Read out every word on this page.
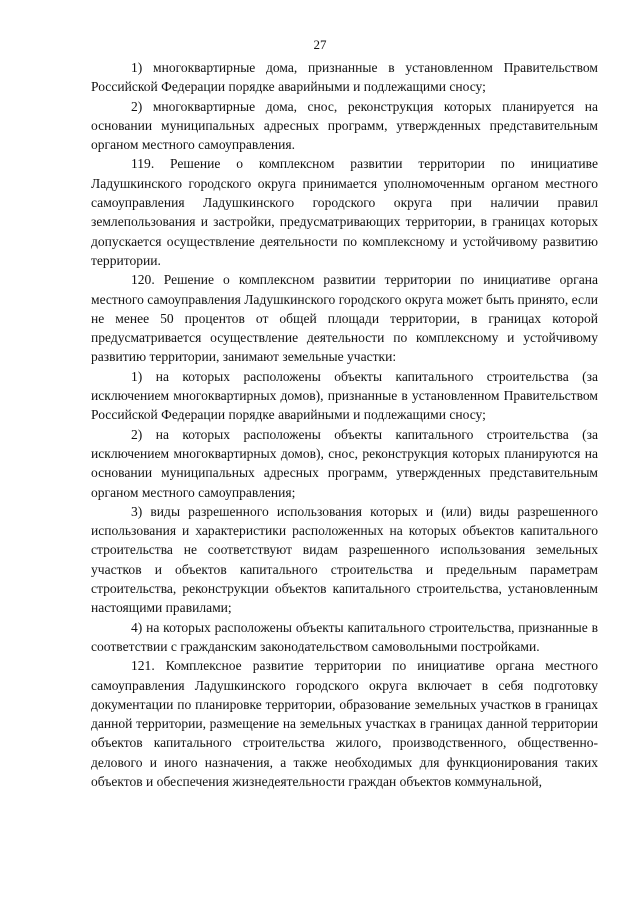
27

1) многоквартирные дома, признанные в установленном Правительством Российской Федерации порядке аварийными и подлежащими сносу;

2) многоквартирные дома, снос, реконструкция которых планируется на основании муниципальных адресных программ, утвержденных представительным органом местного самоуправления.

119. Решение о комплексном развитии территории по инициативе Ладушкинского городского округа принимается уполномоченным органом местного самоуправления Ладушкинского городского округа при наличии правил землепользования и застройки, предусматривающих территории, в границах которых допускается осуществление деятельности по комплексному и устойчивому развитию территории.

120. Решение о комплексном развитии территории по инициативе органа местного самоуправления Ладушкинского городского округа может быть принято, если не менее 50 процентов от общей площади территории, в границах которой предусматривается осуществление деятельности по комплексному и устойчивому развитию территории, занимают земельные участки:

1) на которых расположены объекты капитального строительства (за исключением многоквартирных домов), признанные в установленном Правительством Российской Федерации порядке аварийными и подлежащими сносу;

2) на которых расположены объекты капитального строительства (за исключением многоквартирных домов), снос, реконструкция которых планируются на основании муниципальных адресных программ, утвержденных представительным органом местного самоуправления;

3) виды разрешенного использования которых и (или) виды разрешенного использования и характеристики расположенных на которых объектов капитального строительства не соответствуют видам разрешенного использования земельных участков и объектов капитального строительства и предельным параметрам строительства, реконструкции объектов капитального строительства, установленным настоящими правилами;

4) на которых расположены объекты капитального строительства, признанные в соответствии с гражданским законодательством самовольными постройками.

121. Комплексное развитие территории по инициативе органа местного самоуправления Ладушкинского городского округа включает в себя подготовку документации по планировке территории, образование земельных участков в границах данной территории, размещение на земельных участках в границах данной территории объектов капитального строительства жилого, производственного, общественно-делового и иного назначения, а также необходимых для функционирования таких объектов и обеспечения жизнедеятельности граждан объектов коммунальной,
